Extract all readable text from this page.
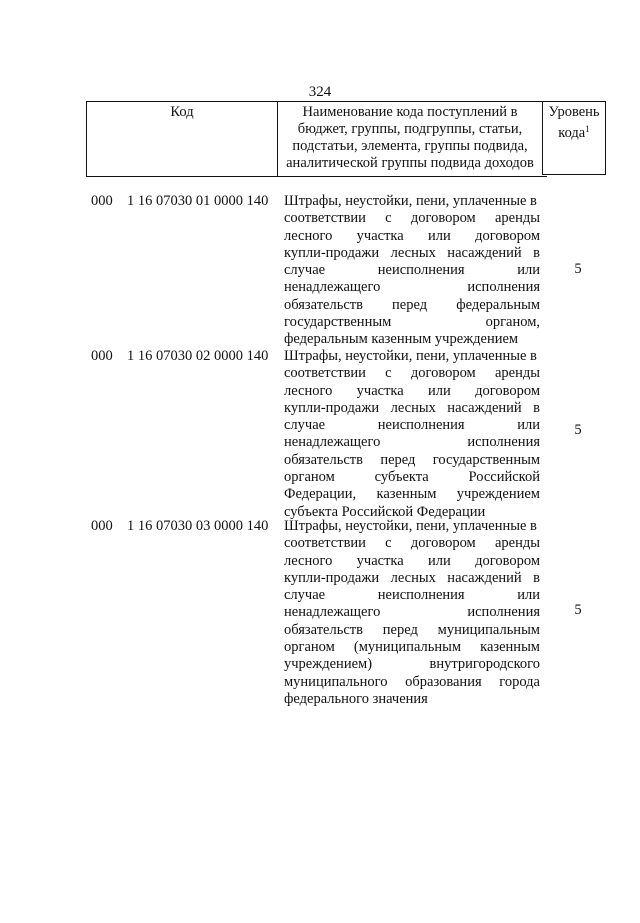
324
Код	Наименование кода поступлений в
бюджет, группы, подгруппы, статьи,
подстатьи, элемента, группы подвида,
аналитической группы подвида доходов
Уровень
кода$^1$
000 1 16 07030 01 0000 140 Штрафы, неустойки, пени, уплаченные в
соответствии с договором аренды
лесного участка или договором
купли-продажи лесных насаждений в
случае неисполнения или
ненадлежащего исполнения
обязательств перед федеральным
государственным органом,
федеральным казенным учреждением
5
000 1 16 07030 02 0000 140 Штрафы, неустойки, пени, уплаченные в
соответствии с договором аренды
лесного участка или договором
купли-продажи лесных насаждений в
случае неисполнения или
ненадлежащего исполнения
обязательств перед государственным
органом субъекта Российской
Федерации, казенным учреждением
субъекта Российской Федерации
5
000 1 16 07030 03 0000 140 Штрафы, неустойки, пени, уплаченные в
соответствии с договором аренды
лесного участка или договором
купли-продажи лесных насаждений в
случае неисполнения или
ненадлежащего исполнения
обязательств перед муниципальным
органом (муниципальным казенным
учреждением) внутригородского
муниципального образования города
федерального значения
5
